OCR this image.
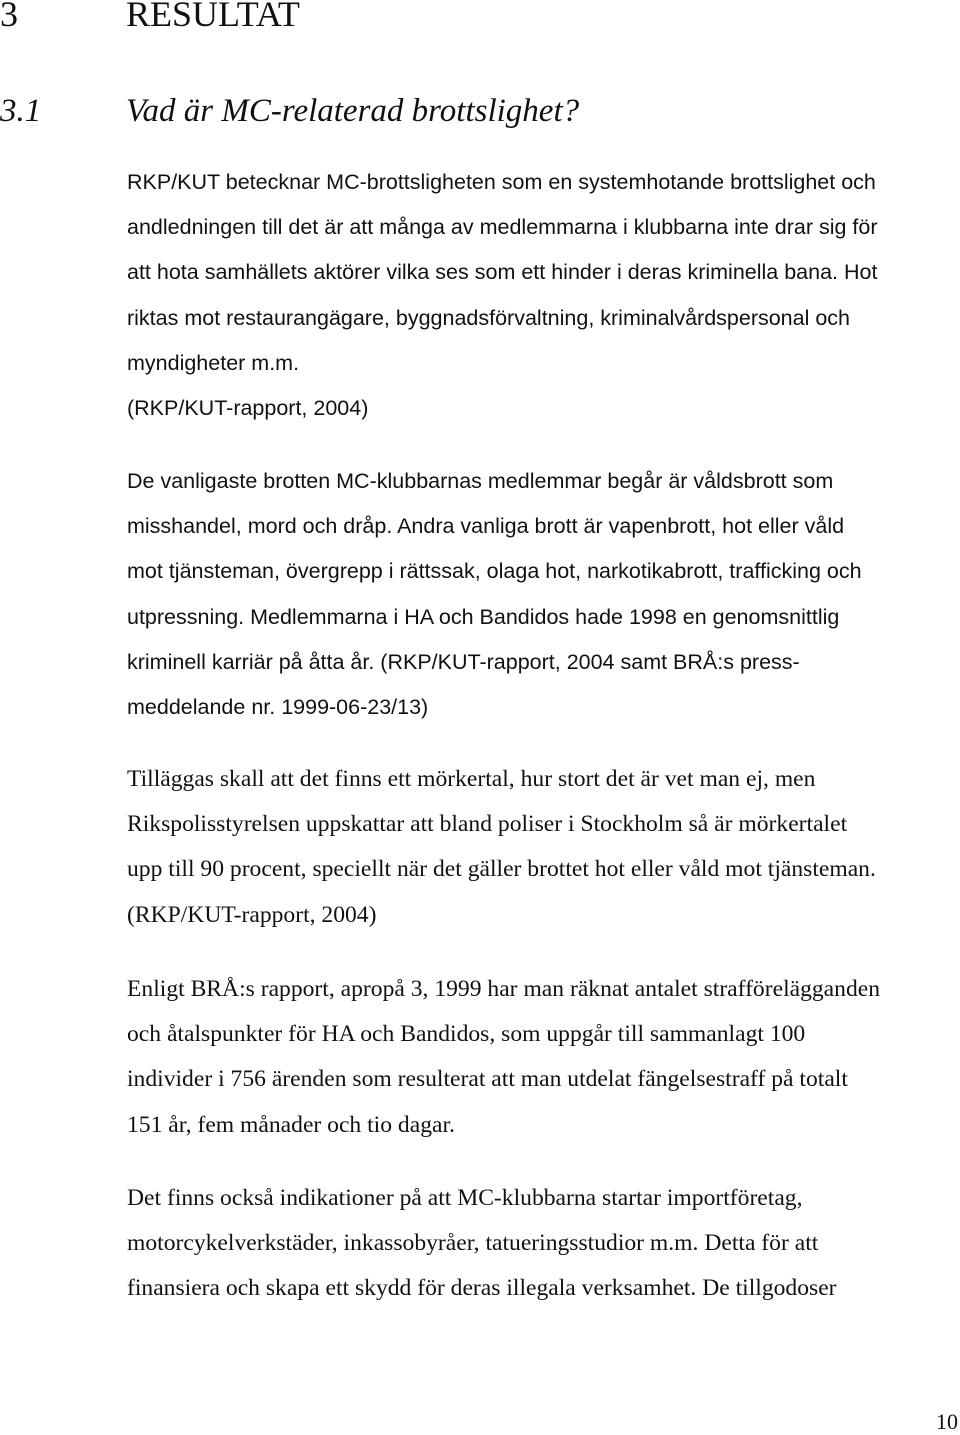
3	RESULTAT
3.1	Vad är MC-relaterad brottslighet?
RKP/KUT betecknar MC-brottsligheten som en systemhotande brottslighet och
andledningen till det är att många av medlemmarna i klubbarna inte drar sig för
att hota samhällets aktörer vilka ses som ett hinder i deras kriminella bana. Hot
riktas mot restaurangägare, byggnadsförvaltning, kriminalvårdspersonal och
myndigheter m.m.
(RKP/KUT-rapport, 2004)
De vanligaste brotten MC-klubbarnas medlemmar begår är våldsbrott som
misshandel, mord och dråp. Andra vanliga brott är vapenbrott, hot eller våld
mot tjänsteman, övergrepp i rättssak, olaga hot, narkotikabrott, trafficking och
utpressning. Medlemmarna i HA och Bandidos hade 1998 en genomsnittlig
kriminell karriär på åtta år. (RKP/KUT-rapport, 2004 samt BRÅ:s press-
meddelande nr. 1999-06-23/13)
Tilläggas skall att det finns ett mörkertal, hur stort det är vet man ej, men
Rikspolisstyrelsen uppskattar att bland poliser i Stockholm så är mörkertalet
upp till 90 procent, speciellt när det gäller brottet hot eller våld mot tjänsteman.
(RKP/KUT-rapport, 2004)
Enligt BRÅ:s rapport, apropå 3, 1999 har man räknat antalet strafförelägganden
och åtalspunkter för HA och Bandidos, som uppgår till sammanlagt 100
individer i 756 ärenden som resulterat att man utdelat fängelsestraff på totalt
151 år, fem månader och tio dagar.
Det finns också indikationer på att MC-klubbarna startar importföretag,
motorcykelverkstäder, inkassobyråer, tatueringsstudior m.m. Detta för att
finansiera och skapa ett skydd för deras illegala verksamhet. De tillgodoser
10
